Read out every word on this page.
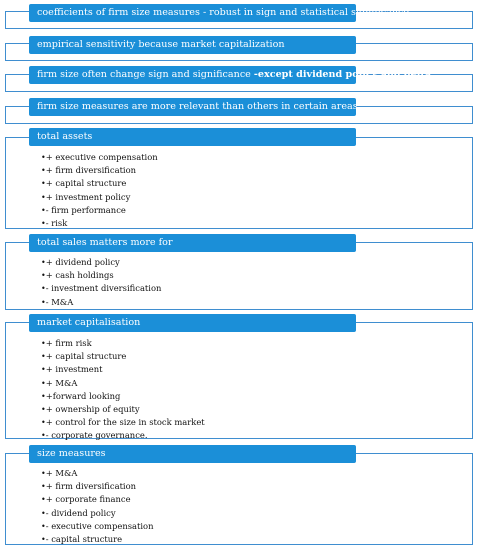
coefficients of firm size measures - robust in sign and statistical significance.
empirical sensitivity because market capitalization
firm size often change sign and significance -except dividend policy and delta
firm size measures are more relevant than others in certain areas
total assets
•+ executive compensation
•+ firm diversification
•+ capital structure
•+ investment policy
•- firm performance
•- risk
total sales matters more for
•+ dividend policy
•+ cash holdings
•- investment diversification
•- M&A
market capitalisation
•+ firm risk
•+ capital structure
•+ investment
•+ M&A
•+forward looking
•+ ownership of equity
•+ control for the size in stock market
•- corporate governance.
size measures
•+ M&A
•+ firm diversification
•+ corporate finance
•- dividend policy
•- executive compensation
•- capital structure
